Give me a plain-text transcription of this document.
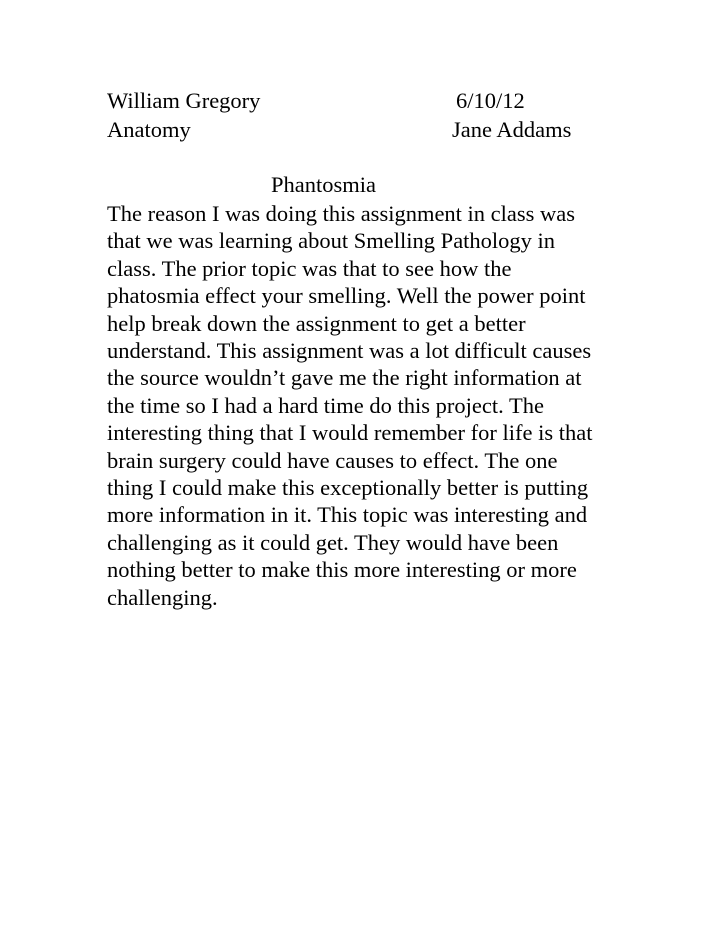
William Gregory	6/10/12
Anatomy	Jane Addams
Phantosmia
The reason I was doing this assignment in class was
that we was learning about Smelling Pathology in
class. The prior topic was that to see how the
phatosmia effect your smelling. Well the power point
help break down the assignment to get a better
understand. This assignment was a lot difficult causes
the source wouldn’t gave me the right information at
the time so I had a hard time do this project. The
interesting thing that I would remember for life is that
brain surgery could have causes to effect. The one
thing I could make this exceptionally better is putting
more information in it. This topic was interesting and
challenging as it could get. They would have been
nothing better to make this more interesting or more
challenging.
